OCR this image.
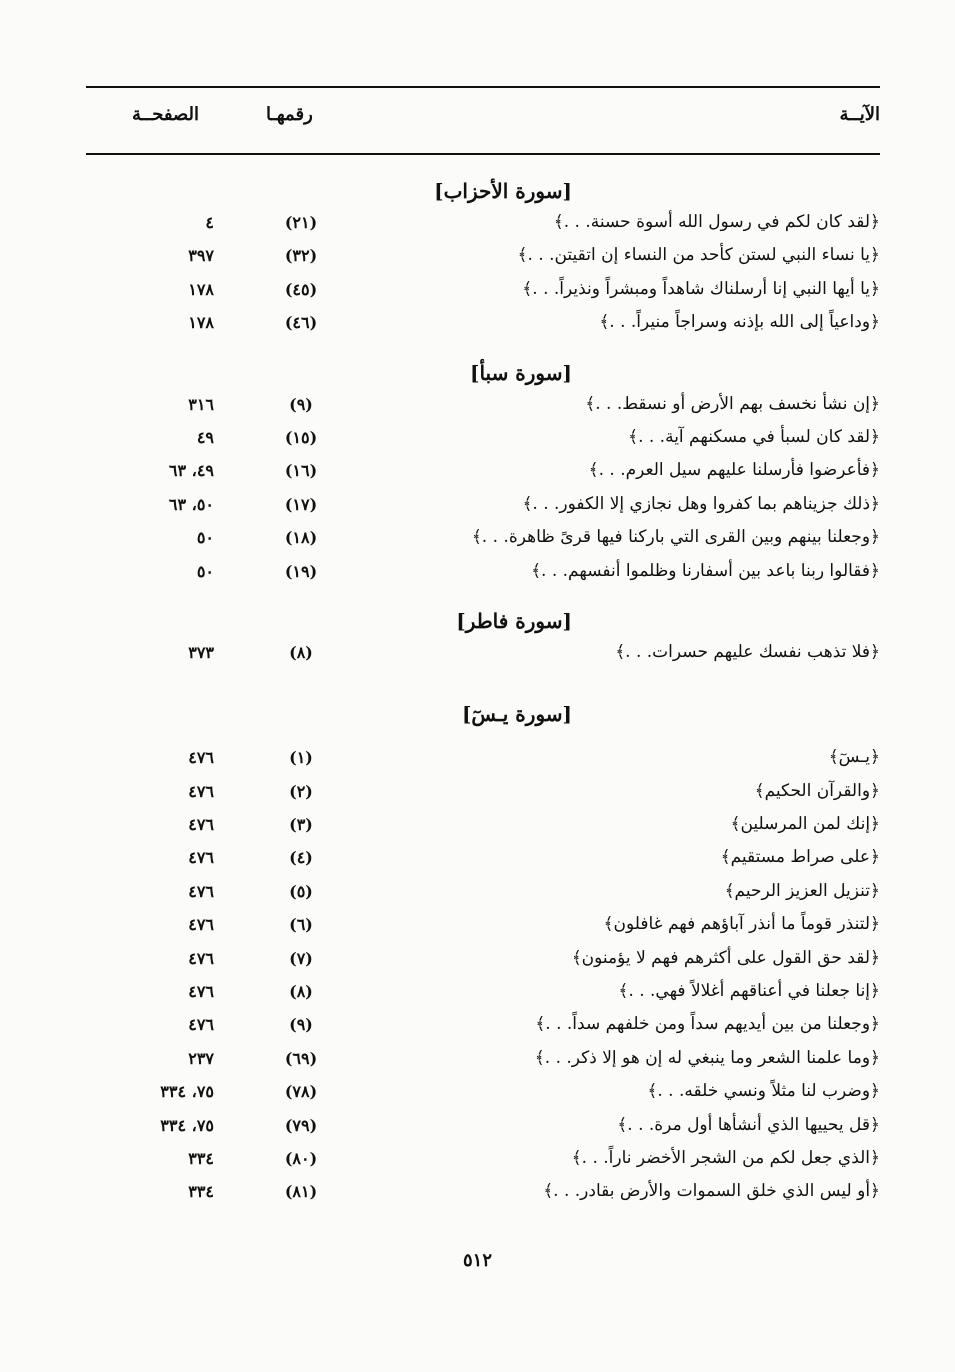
الآيــة
رقمهـا
الصفحــة
[سورة الأحزاب]
﴿لقد كان لكم في رسول الله أسوة حسنة. . .﴾
(٢١)
٤
﴿يا نساء النبي لستن كأحد من النساء إن اتقيتن. . .﴾
(٣٢)
٣٩٧
﴿يا أيها النبي إنا أرسلناك شاهداً ومبشراً ونذيراً. . .﴾
(٤٥)
١٧٨
﴿وداعياً إلى الله بإذنه وسراجاً منيراً. . .﴾
(٤٦)
١٧٨
[سورة سبأ]
﴿إن نشأ نخسف بهم الأرض أو نسقط. . .﴾
(٩)
٣١٦
﴿لقد كان لسبأ في مسكنهم آية. . .﴾
(١٥)
٤٩
﴿فأعرضوا فأرسلنا عليهم سيل العرم. . .﴾
(١٦)
٤٩، ٦٣
﴿ذلك جزيناهم بما كفروا وهل نجازي إلا الكفور. . .﴾
(١٧)
٥٠، ٦٣
﴿وجعلنا بينهم وبين القرى التي باركنا فيها قرىً ظاهرة. . .﴾
(١٨)
٥٠
﴿فقالوا ربنا باعد بين أسفارنا وظلموا أنفسهم. . .﴾
(١٩)
٥٠
[سورة فاطر]
﴿فلا تذهب نفسك عليهم حسرات. . .﴾
(٨)
٣٧٣
[سورة يـسٓ]
﴿يـسٓ﴾
(١)
٤٧٦
﴿والقرآن الحكيم﴾
(٢)
٤٧٦
﴿إنك لمن المرسلين﴾
(٣)
٤٧٦
﴿على صراط مستقيم﴾
(٤)
٤٧٦
﴿تنزيل العزيز الرحيم﴾
(٥)
٤٧٦
﴿لتنذر قوماً ما أنذر آباؤهم فهم غافلون﴾
(٦)
٤٧٦
﴿لقد حق القول على أكثرهم فهم لا يؤمنون﴾
(٧)
٤٧٦
﴿إنا جعلنا في أعناقهم أغلالاً فهي. . .﴾
(٨)
٤٧٦
﴿وجعلنا من بين أيديهم سداً ومن خلفهم سداً. . .﴾
(٩)
٤٧٦
﴿وما علمنا الشعر وما ينبغي له إن هو إلا ذكر. . .﴾
(٦٩)
٢٣٧
﴿وضرب لنا مثلاً ونسي خلقه. . .﴾
(٧٨)
٧٥، ٣٣٤
﴿قل يحييها الذي أنشأها أول مرة. . .﴾
(٧٩)
٧٥، ٣٣٤
﴿الذي جعل لكم من الشجر الأخضر ناراً. . .﴾
(٨٠)
٣٣٤
﴿أو ليس الذي خلق السموات والأرض بقادر. . .﴾
(٨١)
٣٣٤
٥١٢
